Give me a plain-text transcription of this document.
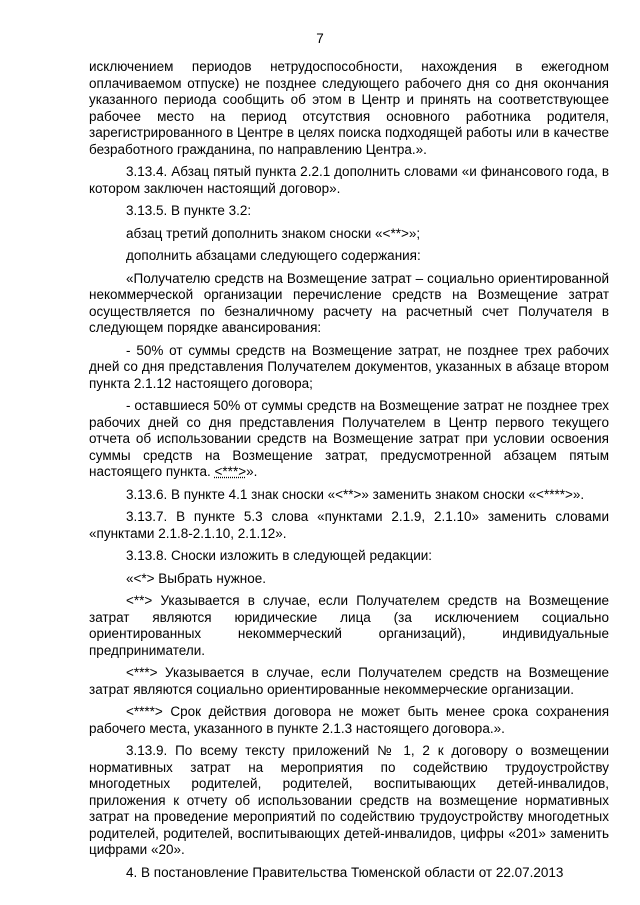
7

исключением периодов нетрудоспособности, нахождения в ежегодном оплачиваемом отпуске) не позднее следующего рабочего дня со дня окончания указанного периода сообщить об этом в Центр и принять на соответствующее рабочее место на период отсутствия основного работника родителя, зарегистрированного в Центре в целях поиска подходящей работы или в качестве безработного гражданина, по направлению Центра.».

3.13.4. Абзац пятый пункта 2.2.1 дополнить словами «и финансового года, в котором заключен настоящий договор».

3.13.5. В пункте 3.2:

абзац третий дополнить знаком сноски «<**>»;

дополнить абзацами следующего содержания:

«Получателю средств на Возмещение затрат – социально ориентированной некоммерческой организации перечисление средств на Возмещение затрат осуществляется по безналичному расчету на расчетный счет Получателя в следующем порядке авансирования:

- 50% от суммы средств на Возмещение затрат, не позднее трех рабочих дней со дня представления Получателем документов, указанных в абзаце втором пункта 2.1.12 настоящего договора;

- оставшиеся 50% от суммы средств на Возмещение затрат не позднее трех рабочих дней со дня представления Получателем в Центр первого текущего отчета об использовании средств на Возмещение затрат при условии освоения суммы средств на Возмещение затрат, предусмотренной абзацем пятым настоящего пункта. <***>».

3.13.6. В пункте 4.1 знак сноски «<**>» заменить знаком сноски «<****>».

3.13.7. В пункте 5.3 слова «пунктами 2.1.9, 2.1.10» заменить словами «пунктами 2.1.8-2.1.10, 2.1.12».

3.13.8. Сноски изложить в следующей редакции:

«<*> Выбрать нужное.

<**> Указывается в случае, если Получателем средств на Возмещение затрат являются юридические лица (за исключением социально ориентированных некоммерческий организаций), индивидуальные предприниматели.

<***> Указывается в случае, если Получателем средств на Возмещение затрат являются социально ориентированные некоммерческие организации.

<****> Срок действия договора не может быть менее срока сохранения рабочего места, указанного в пункте 2.1.3 настоящего договора.».

3.13.9. По всему тексту приложений № 1, 2 к договору о возмещении нормативных затрат на мероприятия по содействию трудоустройству многодетных родителей, родителей, воспитывающих детей-инвалидов, приложения к отчету об использовании средств на возмещение нормативных затрат на проведение мероприятий по содействию трудоустройству многодетных родителей, родителей, воспитывающих детей-инвалидов, цифры «201» заменить цифрами «20».

4. В постановление Правительства Тюменской области от 22.07.2013
